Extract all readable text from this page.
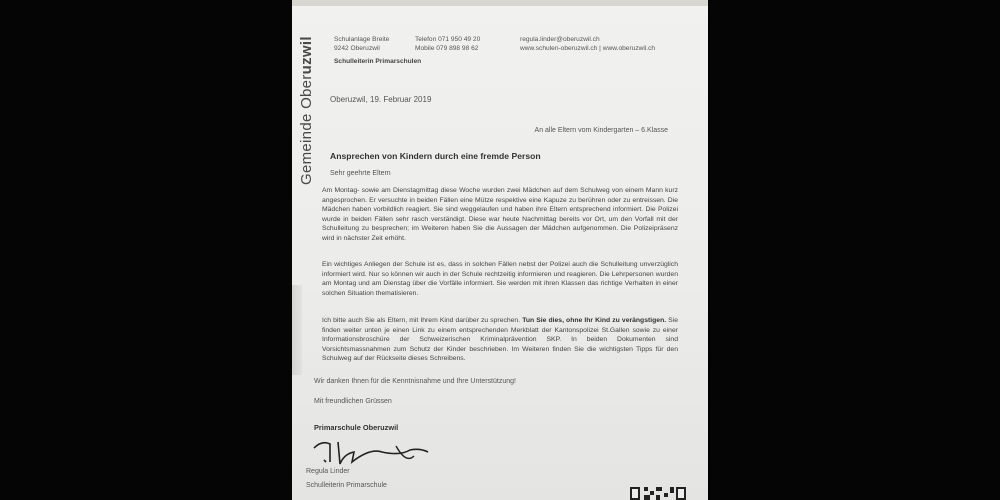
Gemeinde Oberuzwil	Schulanlage Breite
9242 Oberuzwil
Telefon 071 950 49 20
Mobile 079 898 98 62
regula.linder@oberuzwil.ch
www.schulen-oberuzwil.ch | www.oberuzwil.ch
Schulleiterin Primarschulen
Oberuzwil, 19. Februar 2019
An alle Eltern vom Kindergarten – 6.Klasse
Ansprechen von Kindern durch eine fremde Person
Sehr geehrte Eltern
Am Montag- sowie am Dienstagmittag diese Woche wurden zwei Mädchen auf dem Schulweg von einem Mann kurz angesprochen. Er versuchte in beiden Fällen eine Mütze respektive eine Kapuze zu berühren oder zu entreissen. Die Mädchen haben vorbildlich reagiert. Sie sind weggelaufen und haben ihre Eltern entsprechend informiert. Die Polizei wurde in beiden Fällen sehr rasch verständigt. Diese war heute Nachmittag bereits vor Ort, um den Vorfall mit der Schulleitung zu besprechen; im Weiteren haben Sie die Aussagen der Mädchen aufgenommen. Die Polizeipräsenz wird in nächster Zeit erhöht.
Ein wichtiges Anliegen der Schule ist es, dass in solchen Fällen nebst der Polizei auch die Schulleitung unverzüglich informiert wird. Nur so können wir auch in der Schule rechtzeitig informieren und reagieren. Die Lehrpersonen wurden am Montag und am Dienstag über die Vorfälle informiert. Sie werden mit ihren Klassen das richtige Verhalten in einer solchen Situation thematisieren.
Ich bitte auch Sie als Eltern, mit Ihrem Kind darüber zu sprechen. Tun Sie dies, ohne Ihr Kind zu verängstigen. Sie finden weiter unten je einen Link zu einem entsprechenden Merkblatt der Kantonspolizei St.Gallen sowie zu einer Informationsbroschüre der Schweizerischen Kriminalprävention SKP. In beiden Dokumenten sind Vorsichtsmassnahmen zum Schutz der Kinder beschrieben. Im Weiteren finden Sie die wichtigsten Tipps für den Schulweg auf der Rückseite dieses Schreibens.
Wir danken Ihnen für die Kenntnisnahme und Ihre Unterstützung!
Mit freundlichen Grüssen
Primarschule Oberuzwil
Regula Linder
Schulleiterin Primarschule
